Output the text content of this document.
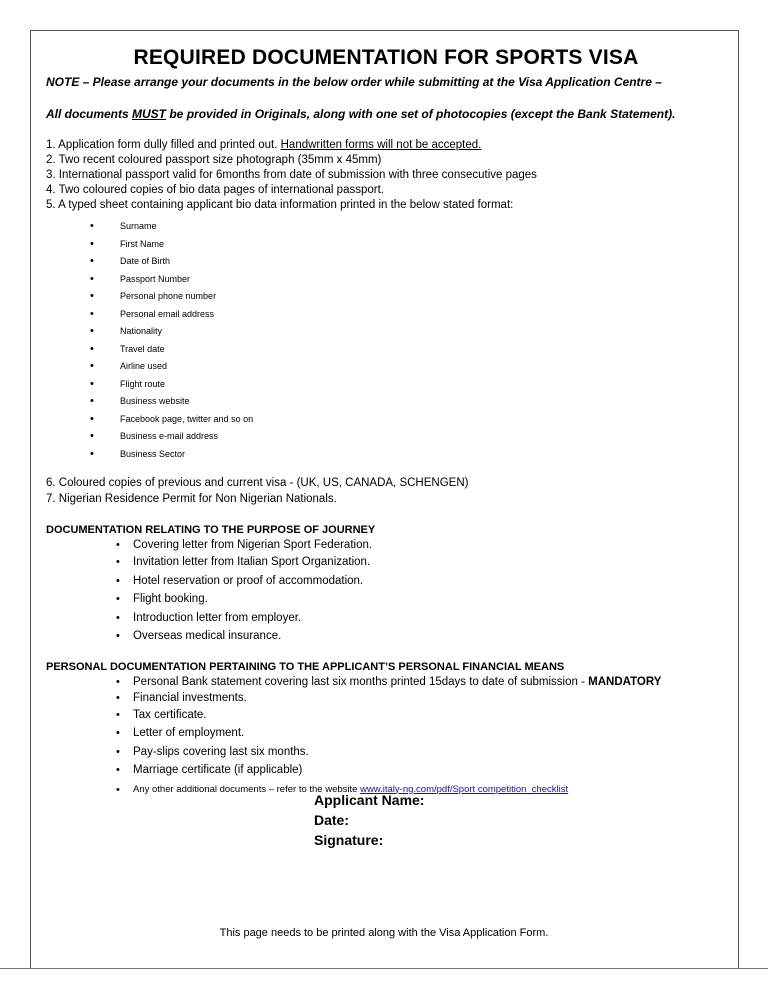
REQUIRED DOCUMENTATION FOR SPORTS VISA
NOTE – Please arrange your documents in the below order while submitting at the Visa Application Centre –
All documents MUST be provided in Originals, along with one set of photocopies (except the Bank Statement).
1. Application form dully filled and printed out. Handwritten forms will not be accepted.
2. Two recent coloured passport size photograph (35mm x 45mm)
3. International passport valid for 6months from date of submission with three consecutive pages
4. Two coloured copies of bio data pages of international passport.
5. A typed sheet containing applicant bio data information printed in the below stated format:
• Surname
• First Name
• Date of Birth
• Passport Number
• Personal phone number
• Personal email address
• Nationality
• Travel date
• Airline used
• Flight route
• Business website
• Facebook page, twitter and so on
• Business e-mail address
• Business Sector
6. Coloured copies of previous and current visa - (UK, US, CANADA, SCHENGEN)
7. Nigerian Residence Permit for Non Nigerian Nationals.
DOCUMENTATION RELATING TO THE PURPOSE OF JOURNEY
• Covering letter from Nigerian Sport Federation.
• Invitation letter from Italian Sport Organization.
• Hotel reservation or proof of accommodation.
• Flight booking.
• Introduction letter from employer.
• Overseas medical insurance.
PERSONAL DOCUMENTATION PERTAINING TO THE APPLICANT’S PERSONAL FINANCIAL MEANS
• Personal Bank statement covering last six months printed 15days to date of submission - MANDATORY
• Financial investments.
• Tax certificate.
• Letter of employment.
• Pay-slips covering last six months.
• Marriage certificate (if applicable)
• Any other additional documents – refer to the website www.italy-ng.com/pdf/Sport competition_checklist
Applicant Name:
Date:
Signature:
This page needs to be printed along with the Visa Application Form.
